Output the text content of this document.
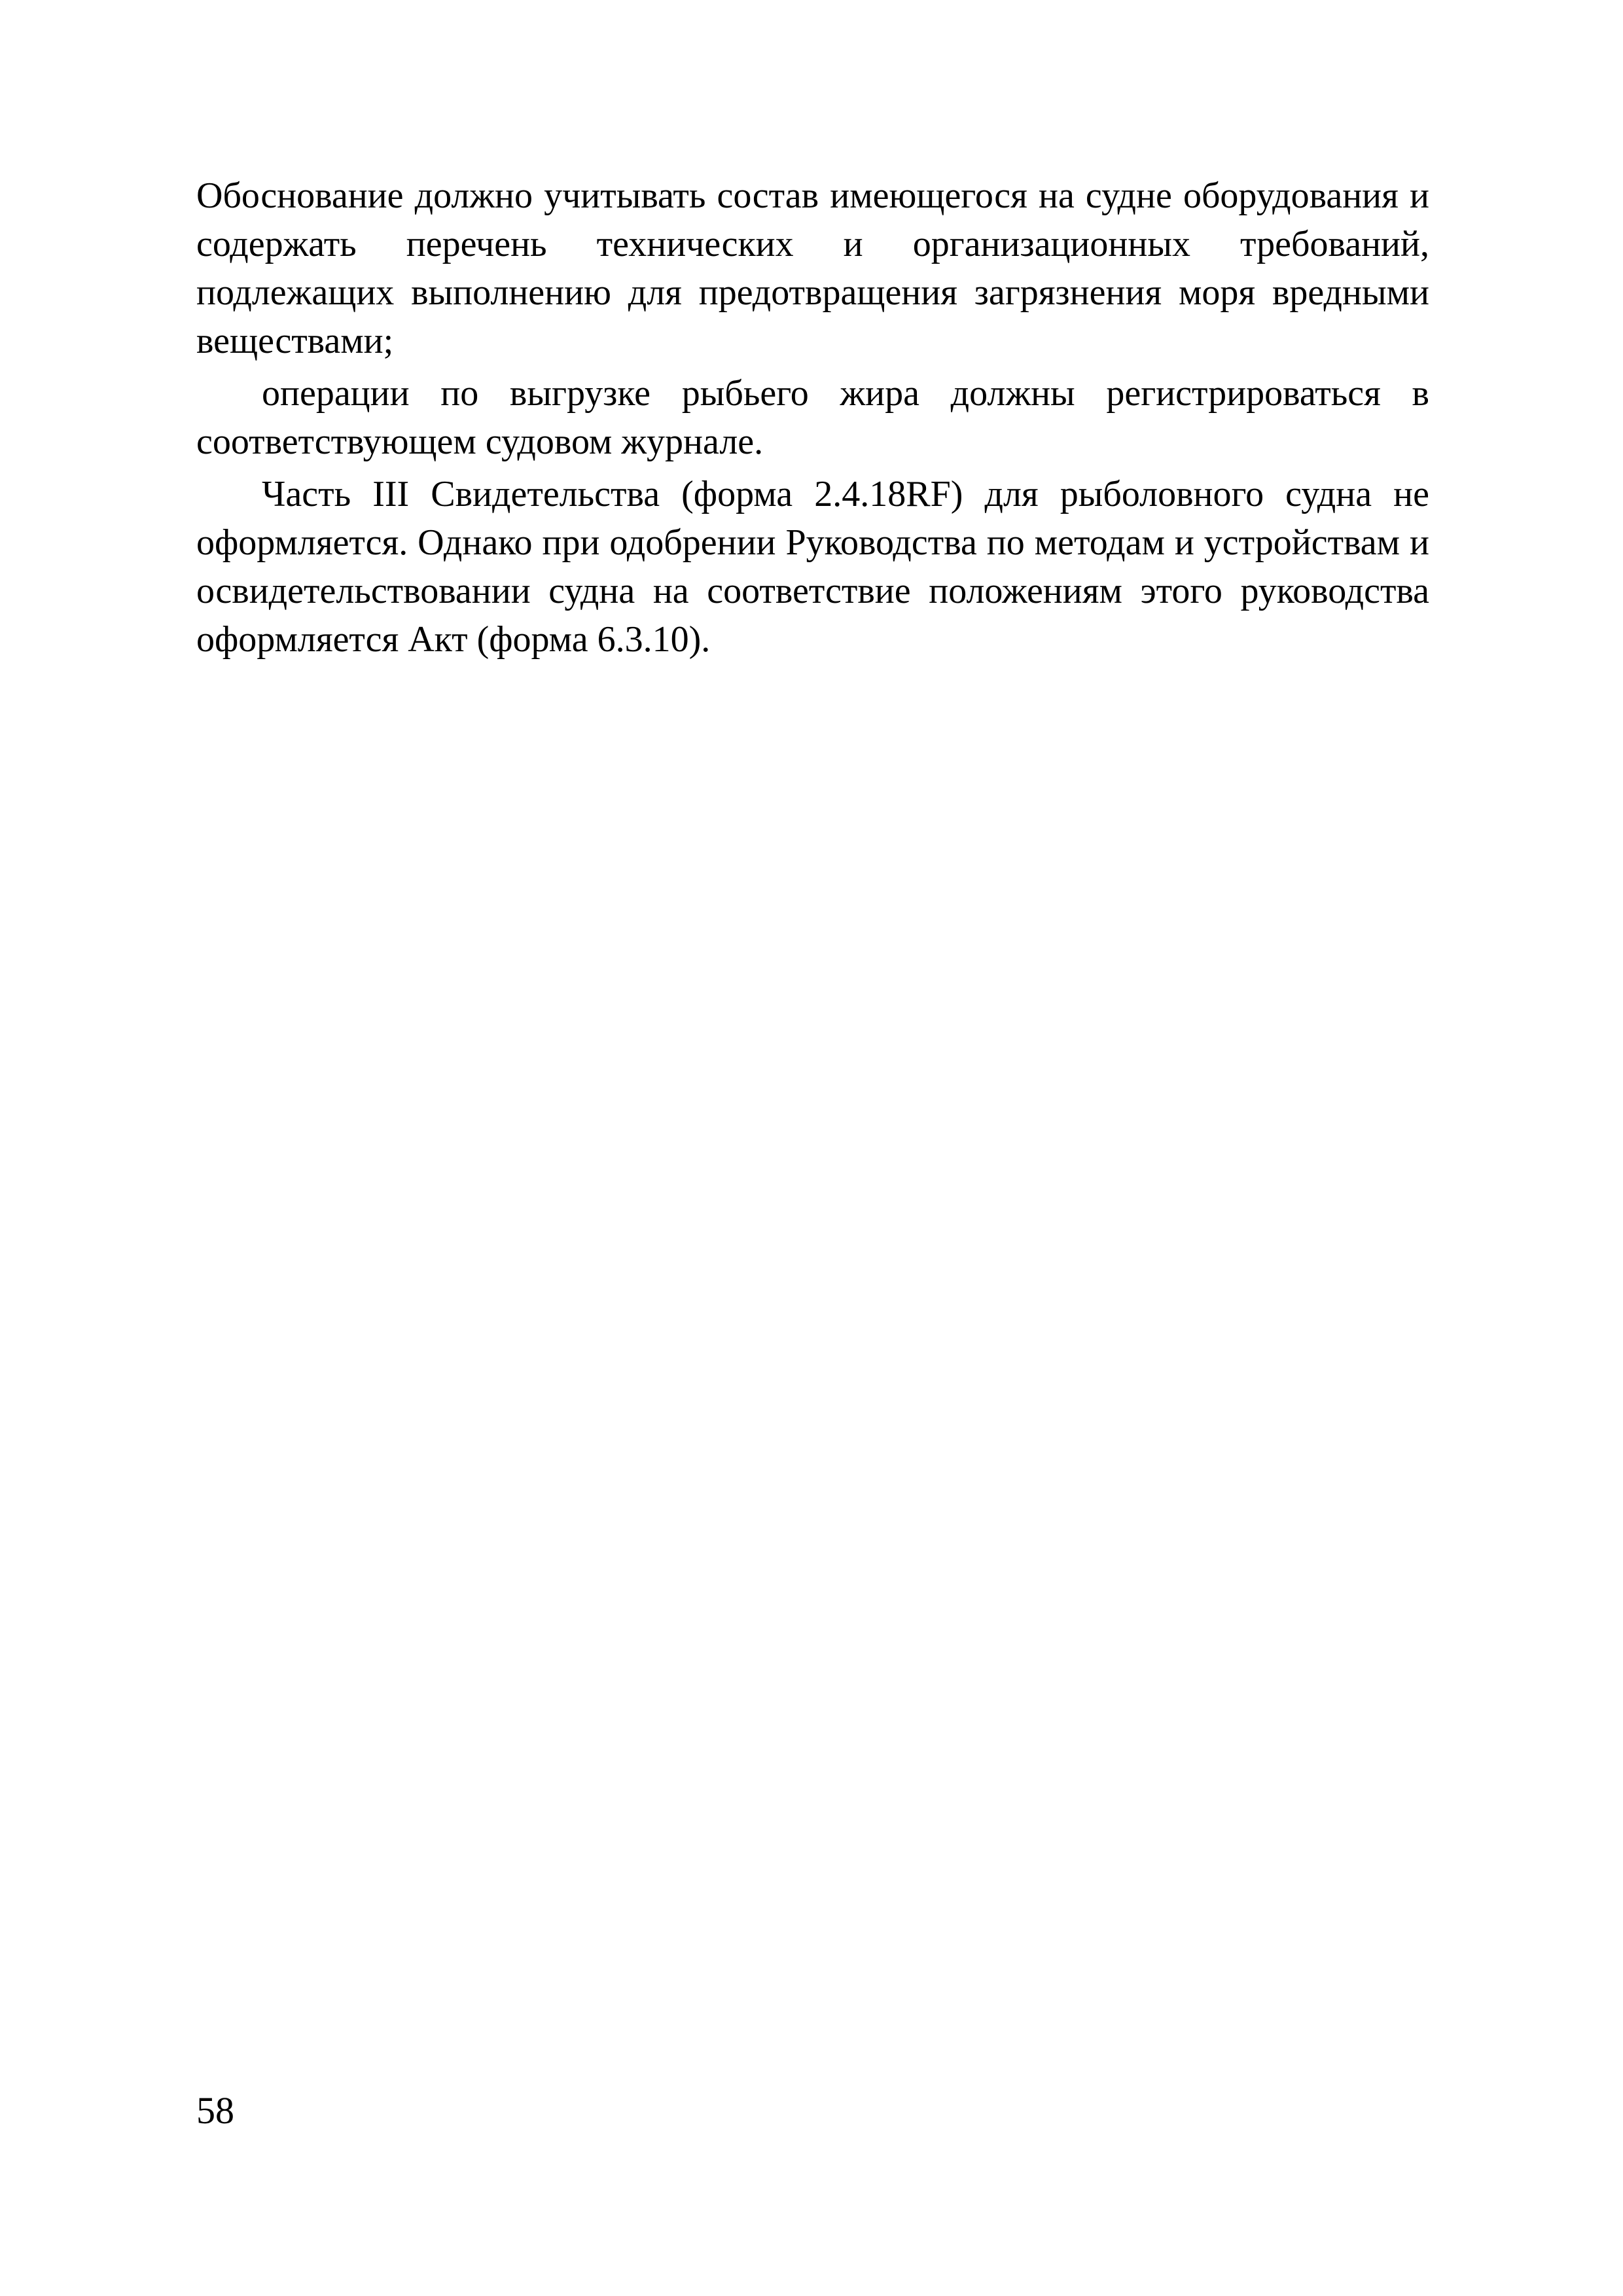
Обоснование должно учитывать состав имеющегося на судне оборудования и содержать перечень технических и организационных требований, подлежащих выполнению для предотвращения загрязнения моря вредными веществами;

операции по выгрузке рыбьего жира должны регистрироваться в соответствующем судовом журнале.

Часть III Свидетельства (форма 2.4.18RF) для рыболовного судна не оформляется. Однако при одобрении Руководства по методам и устройствам и освидетельствовании судна на соответствие положениям этого руководства оформляется Акт (форма 6.3.10).

58
